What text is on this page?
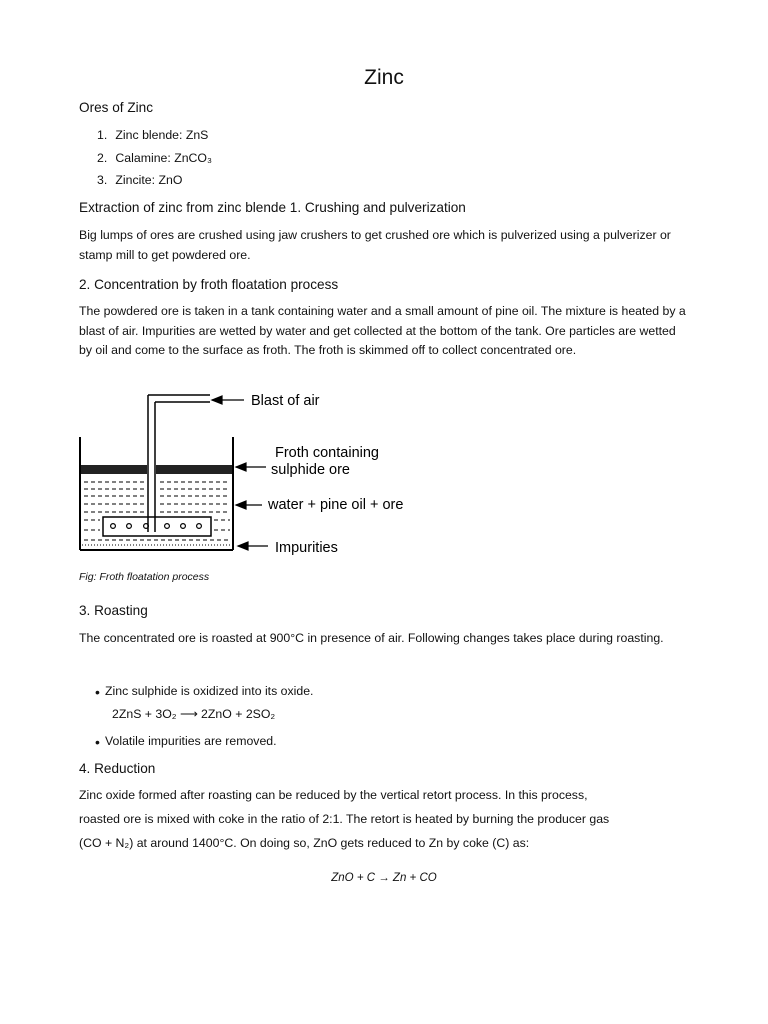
Zinc
Ores of Zinc
1. Zinc blende: ZnS
2. Calamine: ZnCO₃
3. Zincite: ZnO
Extraction of zinc from zinc blende 1. Crushing and pulverization

Big lumps of ores are crushed using jaw crushers to get crushed ore which is pulverized using a pulverizer or stamp mill to get powdered ore.

2. Concentration by froth floatation process

The powdered ore is taken in a tank containing water and a small amount of pine oil. The mixture is heated by a blast of air. Impurities are wetted by water and get collected at the bottom of the tank. Ore particles are wetted by oil and come to the surface as froth. The froth is skimmed off to collect concentrated ore.

Blast of air
Froth containing
sulphide ore
water + pine oil + ore
Impurities
Fig: Froth floatation process
3. Roasting

The concentrated ore is roasted at 900°C in presence of air. Following changes takes place during roasting.

• Zinc sulphide is oxidized into its oxide.
2ZnS + 3O₂ ⟶ 2ZnO + 2SO₂
• Volatile impurities are removed.
4. Reduction
Zinc oxide formed after roasting can be reduced by the vertical retort process. In this process,
roasted ore is mixed with coke in the ratio of 2:1. The retort is heated by burning the producer gas
(CO + N₂) at around 1400°C. On doing so, ZnO gets reduced to Zn by coke (C) as:
ZnO + C → Zn + CO
